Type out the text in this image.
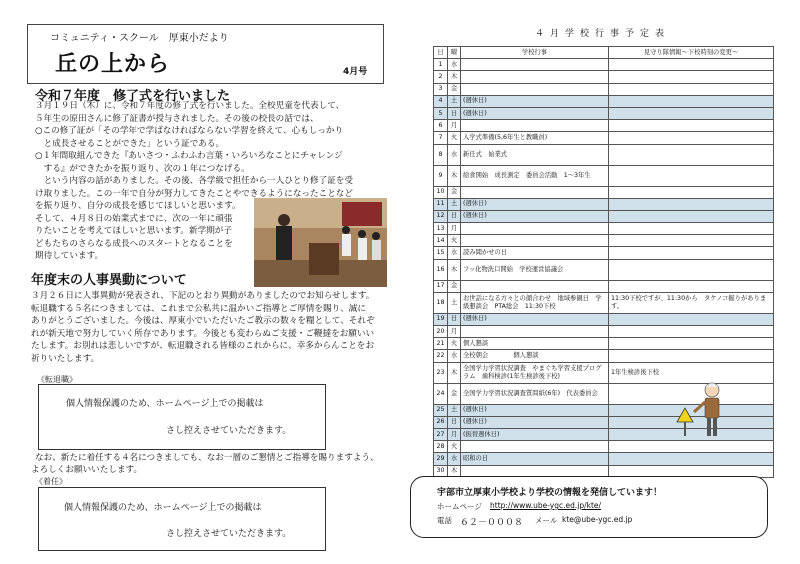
コミュニティ・スクール　厚東小だより
丘の上から	4月号
令和７年度　修了式を行いました
３月１９日（木）に、令和７年度の修了式を行いました。全校児童を代表して、
５年生の原田さんに修了証書が授与されました。その後の校長の話では、
○この修了証が「その学年で学ばなければならない学習を終えて、心もしっかり
　と成長させることができた」という証である。
○１年間取組んできた『あいさつ・ふわふわ言葉・いろいろなことにチャレンジ
　する』ができたかを振り返り、次の１年につなげる。
　という内容の話がありました。その後、各学級で担任から一人ひとり修了証を受
け取りました。この一年で自分が努力してきたことやできるようになったことなど
を振り返り、自分の成長を感じてほしいと思います。
そして、４月８日の始業式までに、次の一年に頑張
りたいことを考えてほしいと思います。新学期が子
どもたちのさらなる成長へのスタートとなることを
期待しています。
年度末の人事異動について
３月２６日に人事異動が発表され、下記のとおり異動がありましたのでお知らせします。
転退職する５名につきましては、これまで公私共に温かいご指導とご厚情を賜り、誠に
ありがとうございました。今後は、厚東小でいただいたご教示の数々を糧として、それぞ
れが新天地で努力していく所存であります。今後とも変わらぬご支援・ご鞭撻をお願いい
たします。お別れは悲しいですが、転退職される皆様のこれからに、幸多からんことをお
祈りいたします。
《転退職》
個人情報保護のため、ホームページ上での掲載は
さし控えさせていただきます。
なお、新たに着任する４名につきましても、なお一層のご懇情とご指導を賜りますよう、
よろしくお願いいたします。
《着任》
個人情報保護のため、ホームページ上での掲載は
さし控えさせていただきます。
４月学校行事予定表
日	曜	学校行事	見守り隊情報～下校時刻の変更～
1	水		
2	木		
3	金		
4	土	(週休日)	
5	日	(週休日)	
6	月		
7	火	入学式準備(5,6年生と教職員)	
8	水	新任式　始業式	
9	木	給食開始　成長測定　委員会活動　1～3年生	
10	金		
11	土	(週休日)	
12	日	(週休日)	
13	月		
14	火		
15	水	読み聞かせの日	
16	木	フッ化物洗口開始　学校運営協議会	
17	金		
18	土	お世話になる方々との顔合わせ　地域参観日　学級懇談会　PTA総会　11:30下校	11:30下校ですが、11:30から　タケノコ掘りがあります。
19	日	(週休日)	
20	月		
21	火	個人懇談	
22	水	全校朝会　　　　個人懇談	
23	木	全国学力学習状況調査　やまぐち学習支援プログラム　歯科検診(1年生検診後下校)	1年生検診後下校
24	金	全国学力学習状況調査質問紙(6年)　代表委員会	
25	土	(週休日)	
26	日	(週休日)	
27	月	(振替週休日)	
28	火		
29	水	昭和の日	
30	木		
宇部市立厚東小学校より学校の情報を発信しています！
ホームページ http://www.ube-ygc.ed.jp/kte/
電話 ６２－０００８ メール kte@ube-ygc.ed.jp
